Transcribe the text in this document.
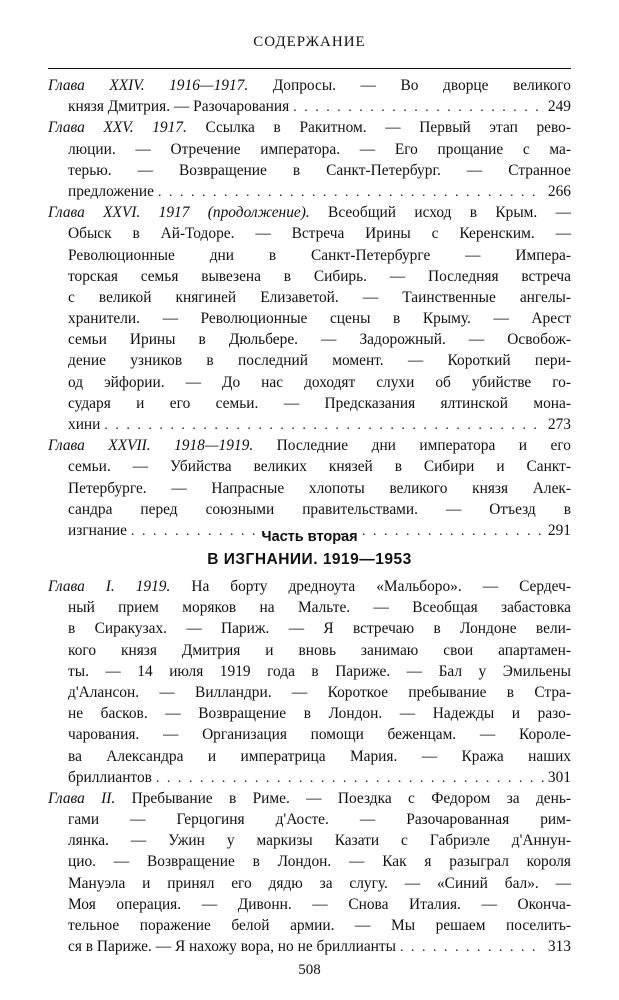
СОДЕРЖАНИЕ
Глава XXIV. 1916—1917. Допросы. — Во дворце великого
князя Дмитрия. — Разочарования . . .	249
Глава XXV. 1917. Ссылка в Ракитном. — Первый этап рево-
люции. — Отречение императора. — Его прощание с ма-
терью. — Возвращение в Санкт-Петербург. — Странное
предложение . . .	266
Глава XXVI. 1917 (продолжение). Всеобщий исход в Крым. —
Обыск в Ай-Тодоре. — Встреча Ирины с Керенским. —
Революционные дни в Санкт-Петербурге — Импера-
торская семья вывезена в Сибирь. — Последняя встреча
с великой княгиней Елизаветой. — Таинственные ангелы-
хранители. — Революционные сцены в Крыму. — Арест
семьи Ирины в Дюльбере. — Задорожный. — Освобож-
дение узников в последний момент. — Короткий пери-
од эйфории. — До нас доходят слухи об убийстве го-
сударя и его семьи. — Предсказания ялтинской мона-
хини . . .	273
Глава XXVII. 1918—1919. Последние дни императора и его
семьи. — Убийства великих князей в Сибири и Санкт-
Петербурге. — Напрасные хлопоты великого князя Алек-
сандра перед союзными правительствами. — Отъезд в
изгнание . . .	291
Часть вторая
В ИЗГНАНИИ. 1919—1953
Глава I. 1919. На борту дредноута «Мальборо». — Сердеч-
ный прием моряков на Мальте. — Всеобщая забастовка
в Сиракузах. — Париж. — Я встречаю в Лондоне вели-
кого князя Дмитрия и вновь занимаю свои апартамен-
ты. — 14 июля 1919 года в Париже. — Бал у Эмильены
д'Алансон. — Вилландри. — Короткое пребывание в Стра-
не басков. — Возвращение в Лондон. — Надежды и разо-
чарования. — Организация помощи беженцам. — Короле-
ва Александра и императрица Мария. — Кража наших
бриллиантов . . .	301
Глава II. Пребывание в Риме. — Поездка с Федором за день-
гами — Герцогиня д'Аосте. — Разочарованная рим-
лянка. — Ужин у маркизы Казати с Габриэле д'Аннун-
цио. — Возвращение в Лондон. — Как я разыграл короля
Мануэла и принял его дядю за слугу. — «Синий бал». —
Моя операция. — Дивонн. — Снова Италия. — Оконча-
тельное поражение белой армии. — Мы решаем поселить-
ся в Париже. — Я нахожу вора, но не бриллианты . . .	313
508
